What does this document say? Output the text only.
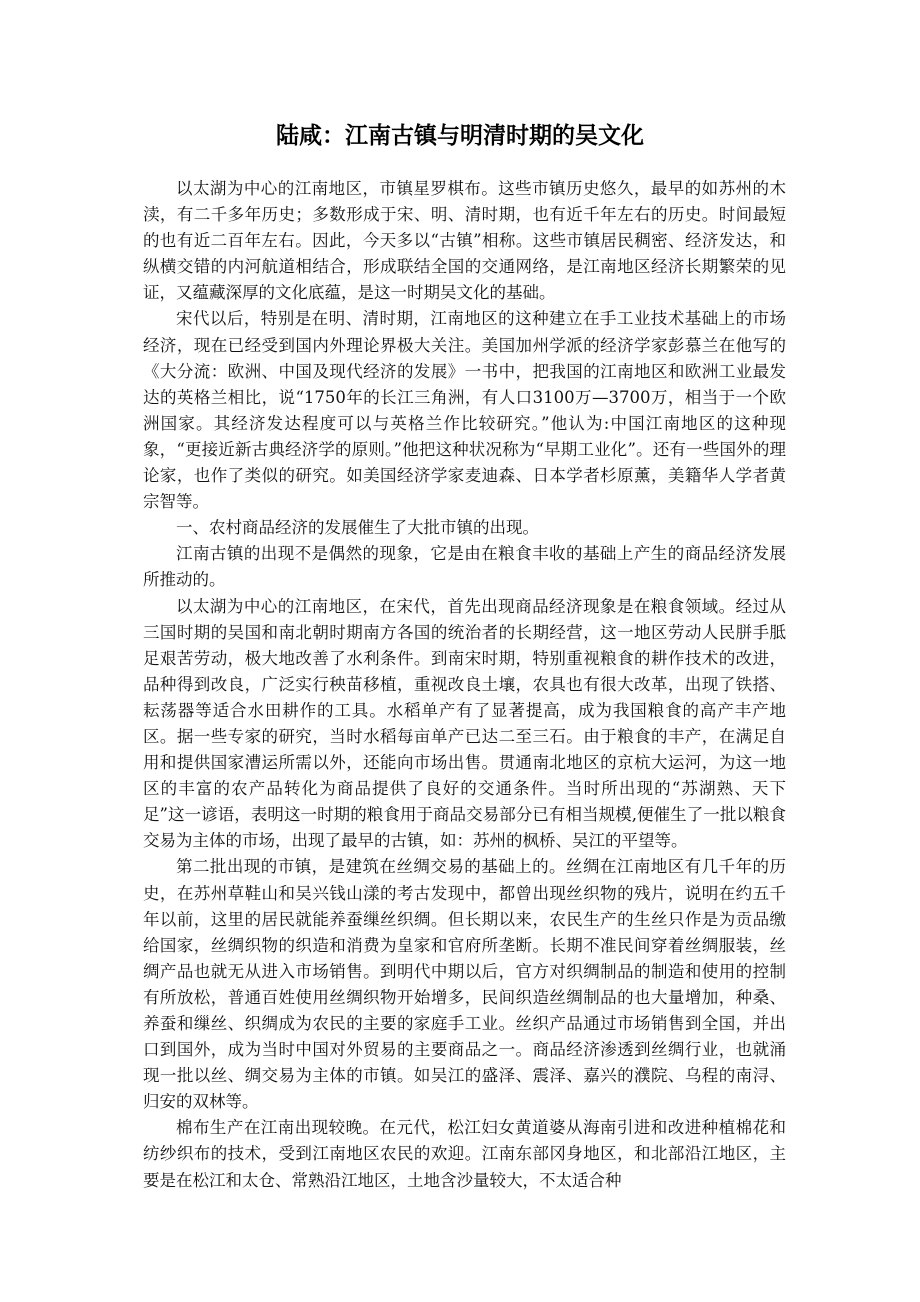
陆咸：江南古镇与明清时期的吴文化

以太湖为中心的江南地区，市镇星罗棋布。这些市镇历史悠久，最早的如苏州的木渎，有二千多年历史；多数形成于宋、明、清时期，也有近千年左右的历史。时间最短的也有近二百年左右。因此，今天多以“古镇”相称。这些市镇居民稠密、经济发达，和纵横交错的内河航道相结合，形成联结全国的交通网络，是江南地区经济长期繁荣的见证，又蕴藏深厚的文化底蕴，是这一时期吴文化的基础。

宋代以后，特别是在明、清时期，江南地区的这种建立在手工业技术基础上的市场经济，现在已经受到国内外理论界极大关注。美国加州学派的经济学家彭慕兰在他写的《大分流：欧洲、中国及现代经济的发展》一书中，把我国的江南地区和欧洲工业最发达的英格兰相比，说“1750年的长江三角洲，有人口3100万—3700万，相当于一个欧洲国家。其经济发达程度可以与英格兰作比较研究。”他认为:中国江南地区的这种现象，“更接近新古典经济学的原则。”他把这种状况称为“早期工业化”。还有一些国外的理论家，也作了类似的研究。如美国经济学家麦迪森、日本学者杉原薰，美籍华人学者黄宗智等。

一、农村商品经济的发展催生了大批市镇的出现。

江南古镇的出现不是偶然的现象，它是由在粮食丰收的基础上产生的商品经济发展所推动的。

以太湖为中心的江南地区，在宋代，首先出现商品经济现象是在粮食领域。经过从三国时期的吴国和南北朝时期南方各国的统治者的长期经营，这一地区劳动人民胼手胝足艰苦劳动，极大地改善了水利条件。到南宋时期，特别重视粮食的耕作技术的改进，品种得到改良，广泛实行秧苗移植，重视改良土壤，农具也有很大改革，出现了铁搭、耘荡器等适合水田耕作的工具。水稻单产有了显著提高，成为我国粮食的高产丰产地区。据一些专家的研究，当时水稻每亩单产已达二至三石。由于粮食的丰产，在满足自用和提供国家漕运所需以外，还能向市场出售。贯通南北地区的京杭大运河，为这一地区的丰富的农产品转化为商品提供了良好的交通条件。当时所出现的“苏湖熟、天下足”这一谚语，表明这一时期的粮食用于商品交易部分已有相当规模,便催生了一批以粮食交易为主体的市场，出现了最早的古镇，如：苏州的枫桥、吴江的平望等。

第二批出现的市镇，是建筑在丝绸交易的基础上的。丝绸在江南地区有几千年的历史，在苏州草鞋山和吴兴钱山漾的考古发现中，都曾出现丝织物的残片，说明在约五千年以前，这里的居民就能养蚕缫丝织绸。但长期以来，农民生产的生丝只作是为贡品缴给国家，丝绸织物的织造和消费为皇家和官府所垄断。长期不准民间穿着丝绸服装，丝绸产品也就无从进入市场销售。到明代中期以后，官方对织绸制品的制造和使用的控制有所放松，普通百姓使用丝绸织物开始增多，民间织造丝绸制品的也大量增加，种桑、养蚕和缫丝、织绸成为农民的主要的家庭手工业。丝织产品通过市场销售到全国，并出口到国外，成为当时中国对外贸易的主要商品之一。商品经济渗透到丝绸行业，也就涌现一批以丝、绸交易为主体的市镇。如吴江的盛泽、震泽、嘉兴的濮院、乌程的南浔、归安的双林等。

棉布生产在江南出现较晚。在元代，松江妇女黄道婆从海南引进和改进种植棉花和纺纱织布的技术，受到江南地区农民的欢迎。江南东部冈身地区，和北部沿江地区，主要是在松江和太仓、常熟沿江地区，土地含沙量较大，不太适合种
